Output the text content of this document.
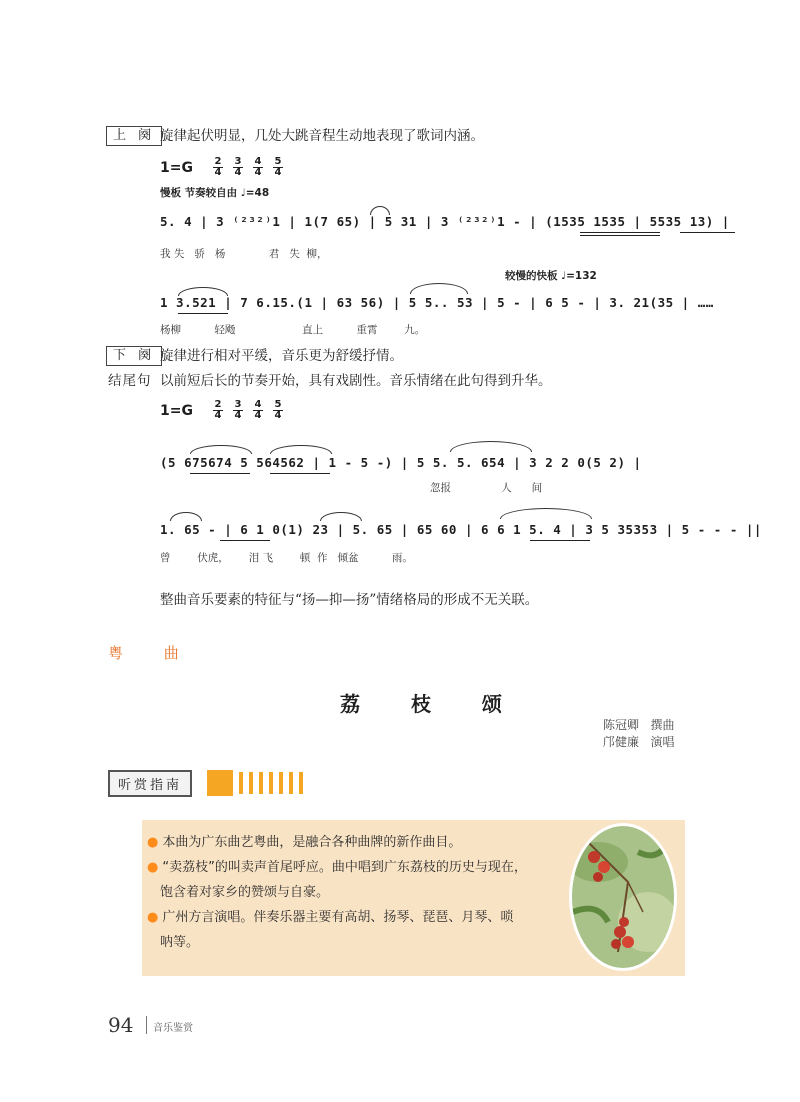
上 阕 旋律起伏明显，几处大跳音程生动地表现了歌词内涵。
$1=G \frac{2}{4} \frac{3}{4} \frac{4}{4} \frac{5}{4}$
慢板 节奏较自由 ♩=48
5. 4 | 3 ⁽²³²⁾1 | 1(7 65) | 5 31 | 3 ⁽²³²⁾1 - | (1535 1535 | 5535 13) |
我 失   骄   杨             君   失  柳，
较慢的快板 ♩=132
1 3.521 | 7 6.15.(1 | 63 56) | 5 5.. 53 | 5 - | 6 5 - | 3. 21(35 | ……
杨柳          轻飏                    直上          重霄        九。
下 阕 旋律进行相对平缓，音乐更为舒缓抒情。
结尾句 以前短后长的节奏开始，具有戏剧性。音乐情绪在此句得到升华。
$1=G \frac{2}{4} \frac{3}{4} \frac{4}{4} \frac{5}{4}$
(5 675674 5 564562 | 1 - 5 -) | 5 5. 5. 654 | 3 2 2 0(5 2) |
忽报               人      间
1. 65 - | 6 1 0(1) 23 | 5. 65 | 65 60 | 6 6 1 5. 4 | 3 5 35353 | 5 - - - ||
曾        伏虎，      泪 飞        顿  作   倾盆          雨。
整曲音乐要素的特征与“扬—抑—扬”情绪格局的形成不无关联。
粤 曲
荔 枝 颂
陈冠卿   撰曲
邝健廉   演唱
听赏指南
● 本曲为广东曲艺粤曲，是融合各种曲牌的新作曲目。
● “卖荔枝”的叫卖声首尾呼应。曲中唱到广东荔枝的历史与现在，
饱含着对家乡的赞颂与自豪。
● 广州方言演唱。伴奏乐器主要有高胡、扬琴、琵琶、月琴、唢
呐等。
94 音乐鉴赏
